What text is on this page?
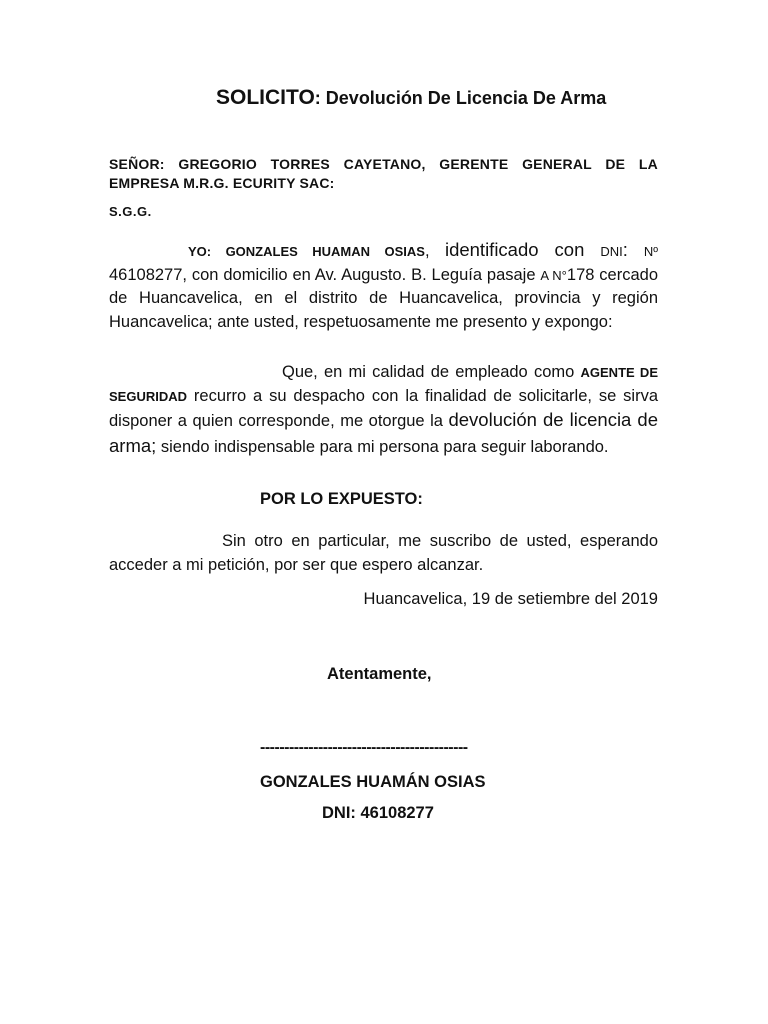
SOLICITO: Devolución De Licencia De Arma
SEÑOR: GREGORIO TORRES CAYETANO, GERENTE GENERAL DE LA EMPRESA M.R.G. ECURITY SAC:
S.G.G.
YO: GONZALES HUAMAN OSIAS, identificado con DNI: Nº 46108277, con domicilio en Av. Augusto. B. Leguía pasaje A N°178 cercado de Huancavelica, en el distrito de Huancavelica, provincia y región Huancavelica; ante usted, respetuosamente me presento y expongo:
Que, en mi calidad de empleado como AGENTE DE SEGURIDAD recurro a su despacho con la finalidad de solicitarle, se sirva disponer a quien corresponde, me otorgue la devolución de licencia de arma; siendo indispensable para mi persona para seguir laborando.
POR LO EXPUESTO:
Sin otro en particular, me suscribo de usted, esperando acceder a mi petición, por ser que espero alcanzar.
Huancavelica, 19 de setiembre del 2019
Atentamente,
-------------------------------------------
GONZALES HUAMÁN OSIAS
DNI: 46108277
